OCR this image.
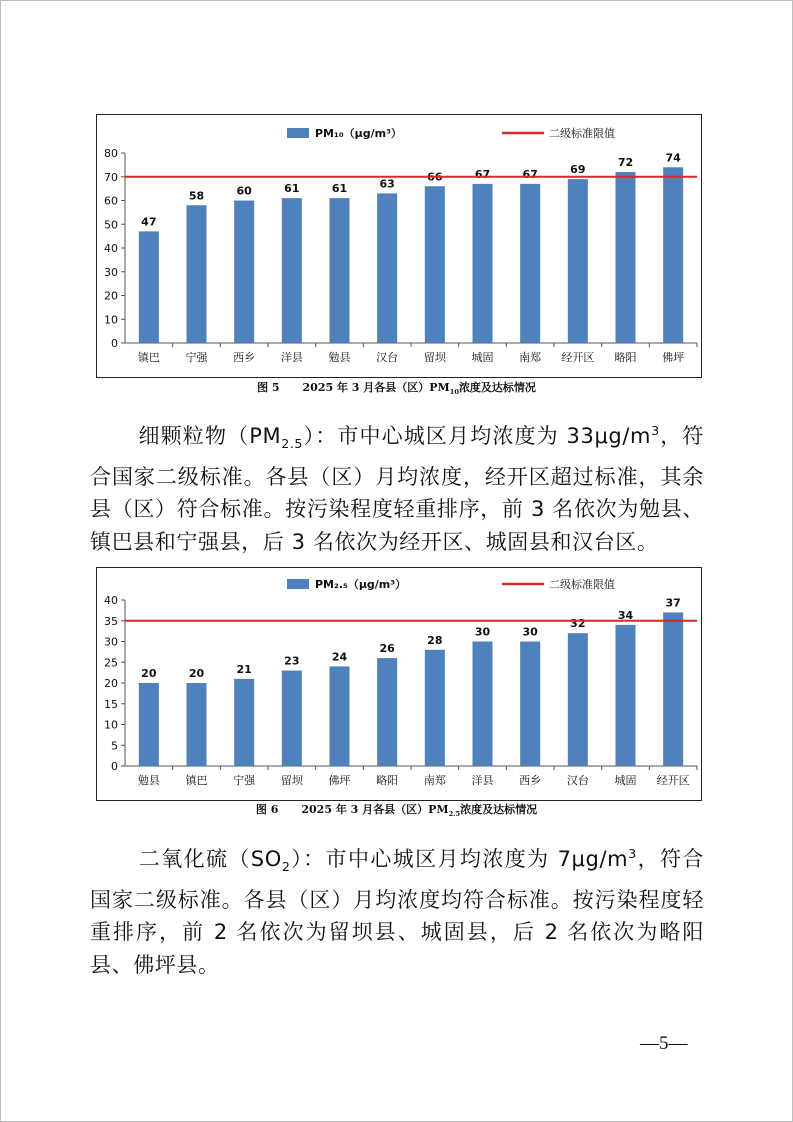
PM₁₀（μg/m³）	二级标准限值
0
10
20
30
40
50
60
70
80
47
镇巴
58
宁强
60
西乡
61
洋县
61
勉县
63
汉台
66
留坝
67
城固
67
南郑
69
经开区
72
略阳
74
佛坪
图 5 2025 年 3 月各县（区）$PM_{10}$浓度及达标情况
细颗粒物$(PM_{2.5})$：市中心城区月均浓度为 $33\mu g/m^3$，符合国家二级标准。各县（区）月均浓度，经开区超过标准，其余县（区）符合标准。按污染程度轻重排序，前 3 名依次为勉县、镇巴县和宁强县，后 3 名依次为经开区、城固县和汉台区。
PM₂.₅（μg/m³）	二级标准限值
0
5
10
15
20
25
30
35
40
20
勉县
20
镇巴
21
宁强
23
留坝
24
佛坪
26
略阳
28
南郑
30
洋县
30
西乡
32
汉台
34
城固
37
经开区
图 6 2025 年 3 月各县（区）$PM_{2.5}$浓度及达标情况
二氧化硫$(SO_2)$：市中心城区月均浓度为 $7\mu g/m^3$，符合国家二级标准。各县（区）月均浓度均符合标准。按污染程度轻重排序，前 2 名依次为留坝县、城固县，后 2 名依次为略阳县、佛坪县。
—5—
